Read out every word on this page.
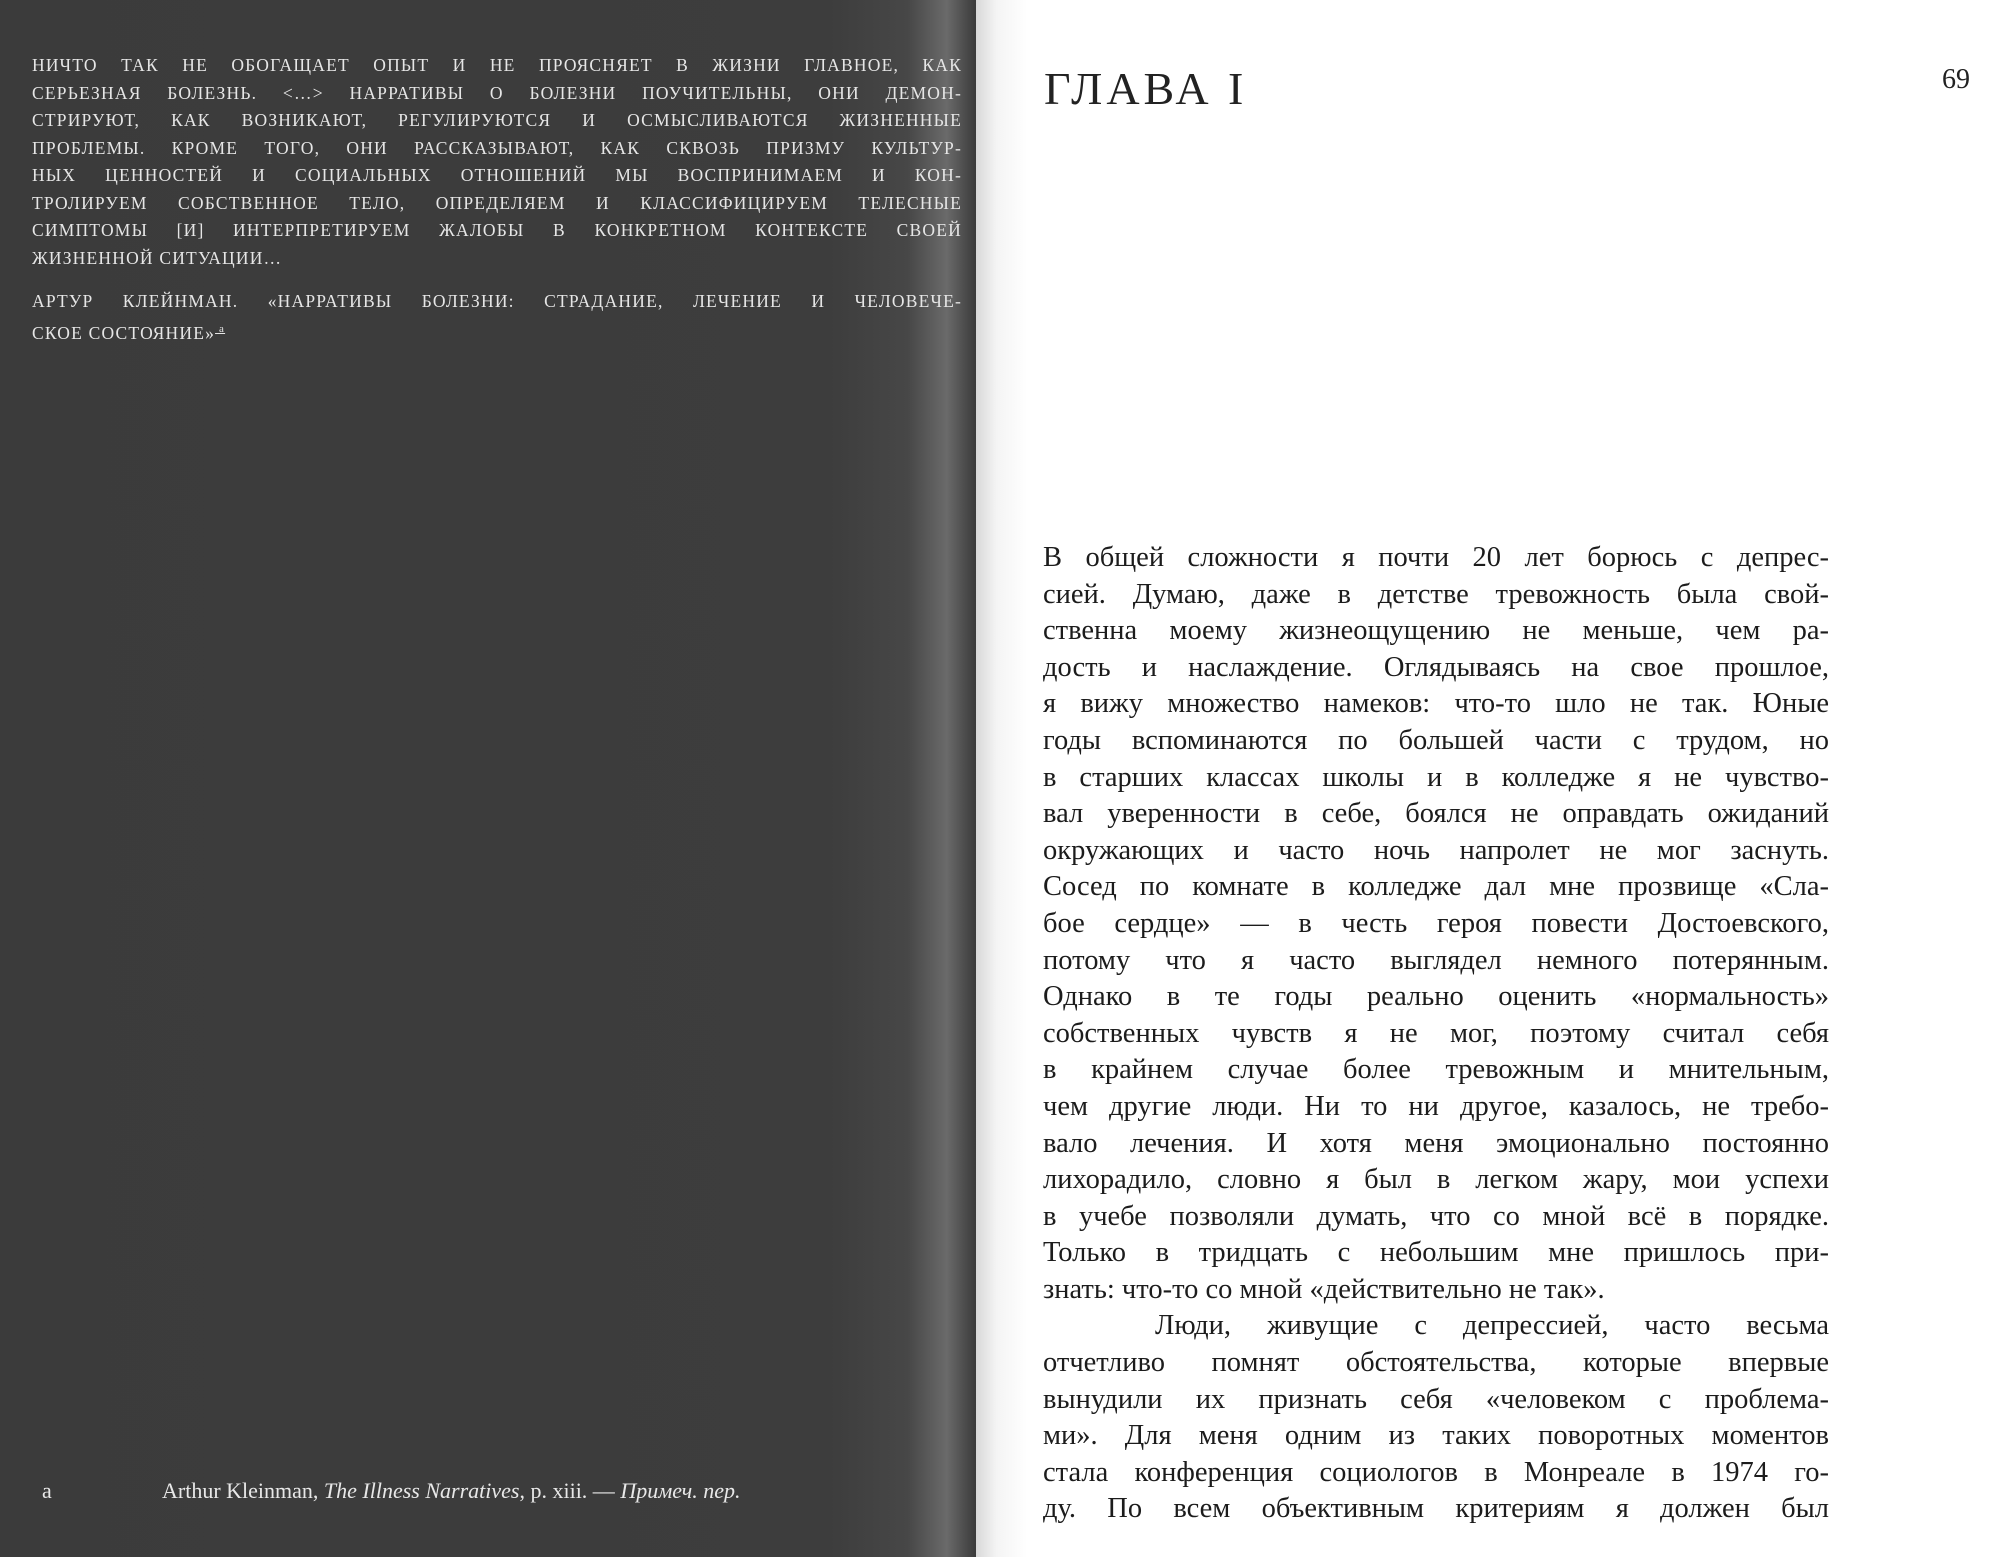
НИЧТО ТАК НЕ ОБОГАЩАЕТ ОПЫТ И НЕ ПРОЯСНЯЕТ В ЖИЗНИ ГЛАВНОЕ, КАК
СЕРЬЕЗНАЯ БОЛЕЗНЬ. <…> НАРРАТИВЫ О БОЛЕЗНИ ПОУЧИТЕЛЬНЫ, ОНИ ДЕМОН-
СТРИРУЮТ, КАК ВОЗНИКАЮТ, РЕГУЛИРУЮТСЯ И ОСМЫСЛИВАЮТСЯ ЖИЗНЕННЫЕ
ПРОБЛЕМЫ. КРОМЕ ТОГО, ОНИ РАССКАЗЫВАЮТ, КАК СКВОЗЬ ПРИЗМУ КУЛЬТУР-
НЫХ ЦЕННОСТЕЙ И СОЦИАЛЬНЫХ ОТНОШЕНИЙ МЫ ВОСПРИНИМАЕМ И КОН-
ТРОЛИРУЕМ СОБСТВЕННОЕ ТЕЛО, ОПРЕДЕЛЯЕМ И КЛАССИФИЦИРУЕМ ТЕЛЕСНЫЕ
СИМПТОМЫ [И] ИНТЕРПРЕТИРУЕМ ЖАЛОБЫ В КОНКРЕТНОМ КОНТЕКСТЕ СВОЕЙ
ЖИЗНЕННОЙ СИТУАЦИИ…
АРТУР КЛЕЙНМАН. «НАРРАТИВЫ БОЛЕЗНИ: СТРАДАНИЕ, ЛЕЧЕНИЕ И ЧЕЛОВЕЧЕ-
СКОЕ СОСТОЯНИЕ» $^a$
a	Arthur Kleinman, The Illness Narratives, p. xiii. — Примеч. пер.
ГЛАВА I	69
В общей сложности я почти 20 лет борюсь с депрес-
сией. Думаю, даже в детстве тревожность была свой-
ственна моему жизнеощущению не меньше, чем ра-
дость и наслаждение. Оглядываясь на свое прошлое,
я вижу множество намеков: что-то шло не так. Юные
годы вспоминаются по большей части с трудом, но
в старших классах школы и в колледже я не чувство-
вал уверенности в себе, боялся не оправдать ожиданий
окружающих и часто ночь напролет не мог заснуть.
Сосед по комнате в колледже дал мне прозвище «Сла-
бое сердце» — в честь героя повести Достоевского,
потому что я часто выглядел немного потерянным.
Однако в те годы реально оценить «нормальность»
собственных чувств я не мог, поэтому считал себя
в крайнем случае более тревожным и мнительным,
чем другие люди. Ни то ни другое, казалось, не требо-
вало лечения. И хотя меня эмоционально постоянно
лихорадило, словно я был в легком жару, мои успехи
в учебе позволяли думать, что со мной всё в порядке.
Только в тридцать с небольшим мне пришлось при-
знать: что-то со мной «действительно не так».
Люди, живущие с депрессией, часто весьма
отчетливо помнят обстоятельства, которые впервые
вынудили их признать себя «человеком с проблема-
ми». Для меня одним из таких поворотных моментов
стала конференция социологов в Монреале в 1974 го-
ду. По всем объективным критериям я должен был
